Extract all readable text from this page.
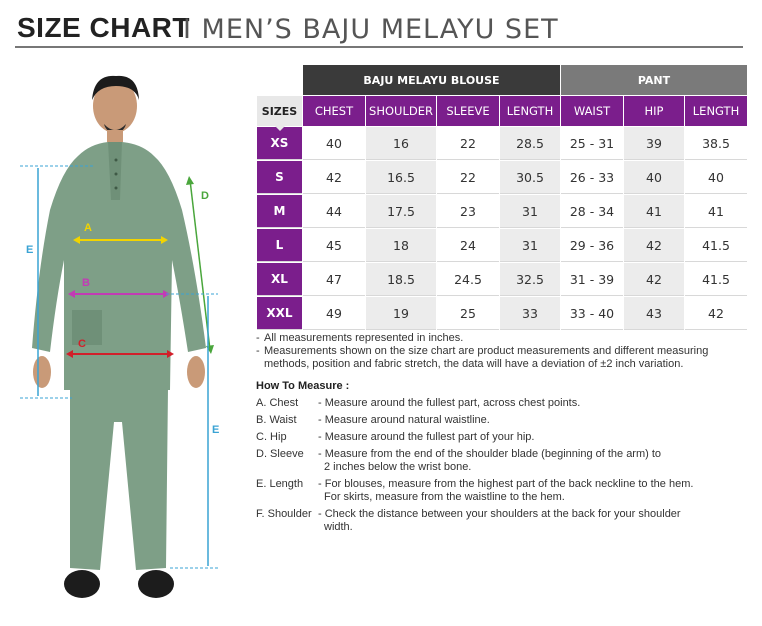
SIZE CHART
I MEN’S BAJU MELAYU SET
A
B
C
D
E
E
	BAJU MELAYU BLOUSE				PANT		
SIZES	CHEST	SHOULDER	SLEEVE	LENGTH	WAIST	HIP	LENGTH
XS	40	16	22	28.5	25 - 31	39	38.5
S	42	16.5	22	30.5	26 - 33	40	40
M	44	17.5	23	31	28 - 34	41	41
L	45	18	24	31	29 - 36	42	41.5
XL	47	18.5	24.5	32.5	31 - 39	42	41.5
XXL	49	19	25	33	33 - 40	43	42
- All measurements represented in inches.
- Measurements shown on the size chart are product measurements and different measuring
methods, position and fabric stretch, the data will have a deviation of ±2 inch variation.
How To Measure :
A. Chest	- Measure around the fullest part, across chest points.
B. Waist	- Measure around natural waistline.
C. Hip	- Measure around the fullest part of your hip.
D. Sleeve	- Measure from the end of the shoulder blade (beginning of the arm) to
2 inches below the wrist bone.
E. Length	- For blouses, measure from the highest part of the back neckline to the hem.
For skirts, measure from the waistline to the hem.
F. Shoulder - Check the distance between your shoulders at the back for your shoulder
width.
